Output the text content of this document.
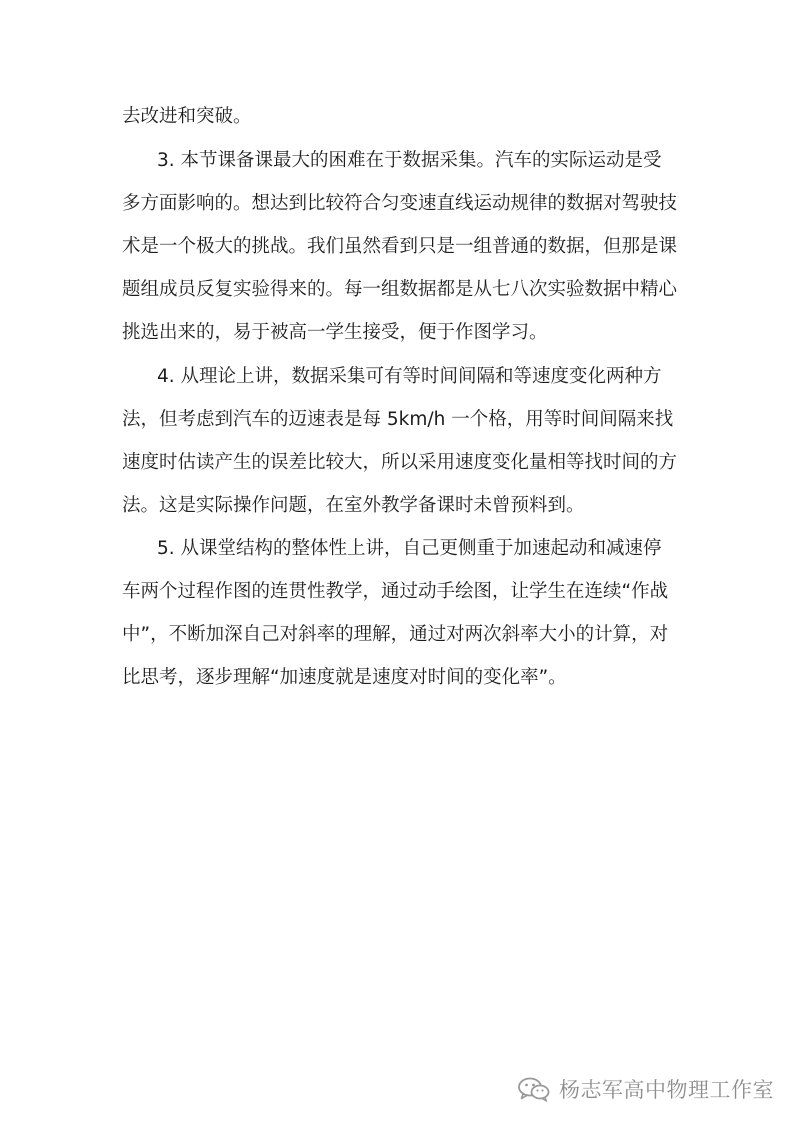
去改进和突破。
3. 本节课备课最大的困难在于数据采集。汽车的实际运动是受
多方面影响的。想达到比较符合匀变速直线运动规律的数据对驾驶技
术是一个极大的挑战。我们虽然看到只是一组普通的数据，但那是课
题组成员反复实验得来的。每一组数据都是从七八次实验数据中精心
挑选出来的，易于被高一学生接受，便于作图学习。
4. 从理论上讲，数据采集可有等时间间隔和等速度变化两种方
法，但考虑到汽车的迈速表是每 5km/h 一个格，用等时间间隔来找
速度时估读产生的误差比较大，所以采用速度变化量相等找时间的方
法。这是实际操作问题，在室外教学备课时未曾预料到。
5. 从课堂结构的整体性上讲，自己更侧重于加速起动和减速停
车两个过程作图的连贯性教学，通过动手绘图，让学生在连续“作战
中”，不断加深自己对斜率的理解，通过对两次斜率大小的计算，对
比思考，逐步理解“加速度就是速度对时间的变化率”。
杨志军高中物理工作室
